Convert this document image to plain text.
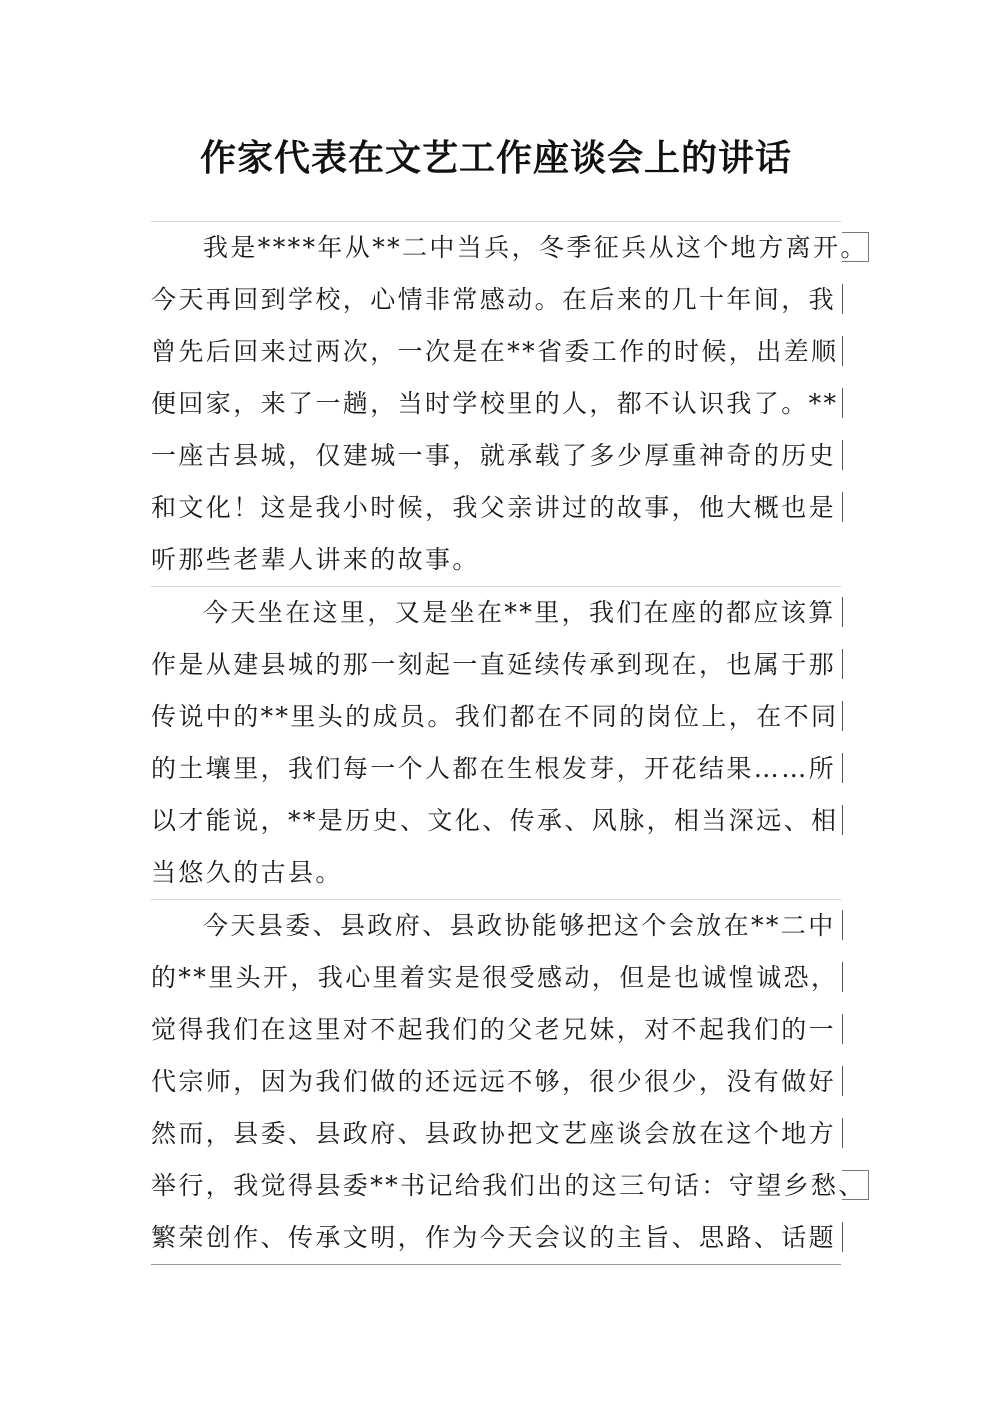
作家代表在文艺工作座谈会上的讲话
我是****年从**二中当兵，冬季征兵从这个地方离开。
今天再回到学校，心情非常感动。在后来的几十年间，我
曾先后回来过两次，一次是在**省委工作的时候，出差顺
便回家，来了一趟，当时学校里的人，都不认识我了。**
一座古县城，仅建城一事，就承载了多少厚重神奇的历史
和文化！这是我小时候，我父亲讲过的故事，他大概也是
听那些老辈人讲来的故事。
今天坐在这里，又是坐在**里，我们在座的都应该算
作是从建县城的那一刻起一直延续传承到现在，也属于那
传说中的**里头的成员。我们都在不同的岗位上，在不同
的土壤里，我们每一个人都在生根发芽，开花结果……所
以才能说，**是历史、文化、传承、风脉，相当深远、相
当悠久的古县。
今天县委、县政府、县政协能够把这个会放在**二中
的**里头开，我心里着实是很受感动，但是也诚惶诚恐，
觉得我们在这里对不起我们的父老兄妹，对不起我们的一
代宗师，因为我们做的还远远不够，很少很少，没有做好
然而，县委、县政府、县政协把文艺座谈会放在这个地方
举行，我觉得县委**书记给我们出的这三句话：守望乡愁、
繁荣创作、传承文明，作为今天会议的主旨、思路、话题
